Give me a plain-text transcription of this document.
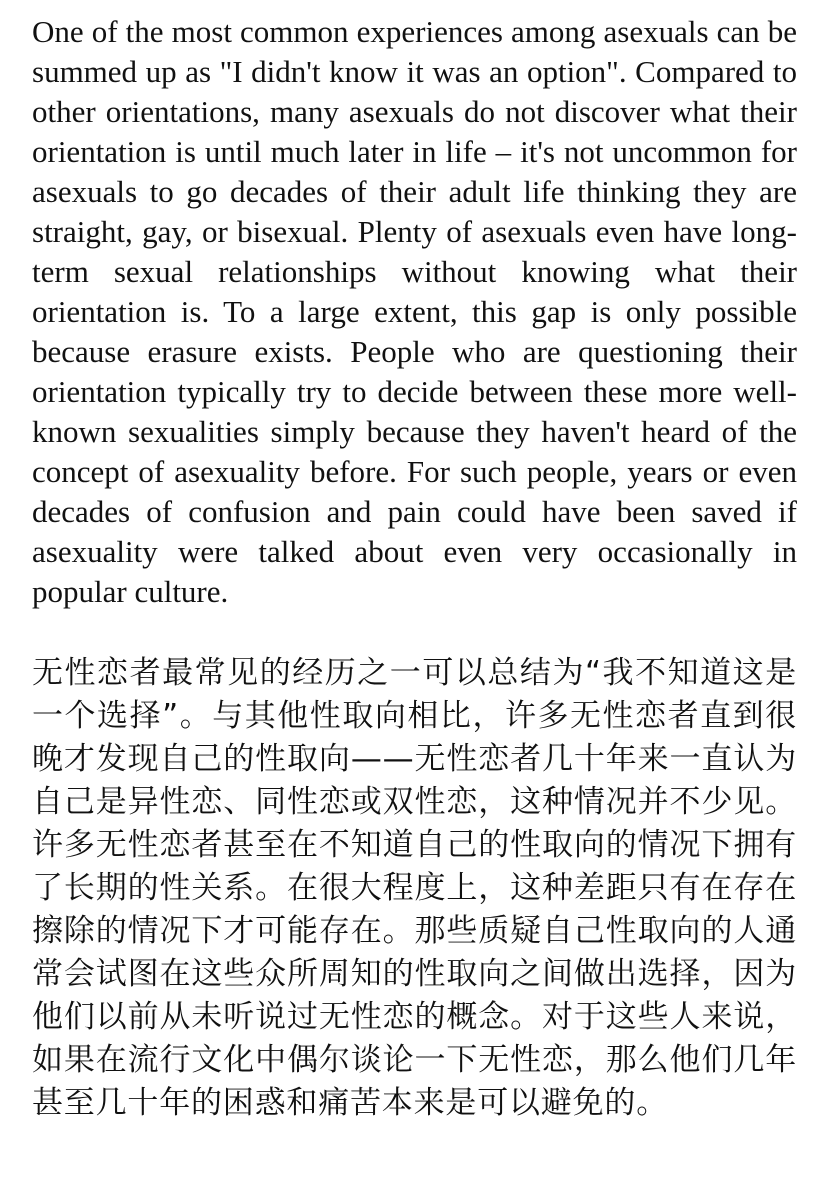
One of the most common experiences among asexuals can be summed up as "I didn't know it was an option". Compared to other orientations, many asexuals do not discover what their orientation is until much later in life – it's not uncommon for asexuals to go decades of their adult life thinking they are straight, gay, or bisexual. Plenty of asexuals even have long-term sexual relationships without knowing what their orientation is. To a large extent, this gap is only possible because erasure exists. People who are questioning their orientation typically try to decide between these more well-known sexualities simply because they haven't heard of the concept of asexuality before. For such people, years or even decades of confusion and pain could have been saved if asexuality were talked about even very occasionally in popular culture.

无性恋者最常见的经历之一可以总结为“我不知道这是一个选择”。与其他性取向相比，许多无性恋者直到很晚才发现自己的性取向——无性恋者几十年来一直认为自己是异性恋、同性恋或双性恋，这种情况并不少见。许多无性恋者甚至在不知道自己的性取向的情况下拥有了长期的性关系。在很大程度上，这种差距只有在存在擦除的情况下才可能存在。那些质疑自己性取向的人通常会试图在这些众所周知的性取向之间做出选择，因为他们以前从未听说过无性恋的概念。对于这些人来说，如果在流行文化中偶尔谈论一下无性恋，那么他们几年甚至几十年的困惑和痛苦本来是可以避免的。
